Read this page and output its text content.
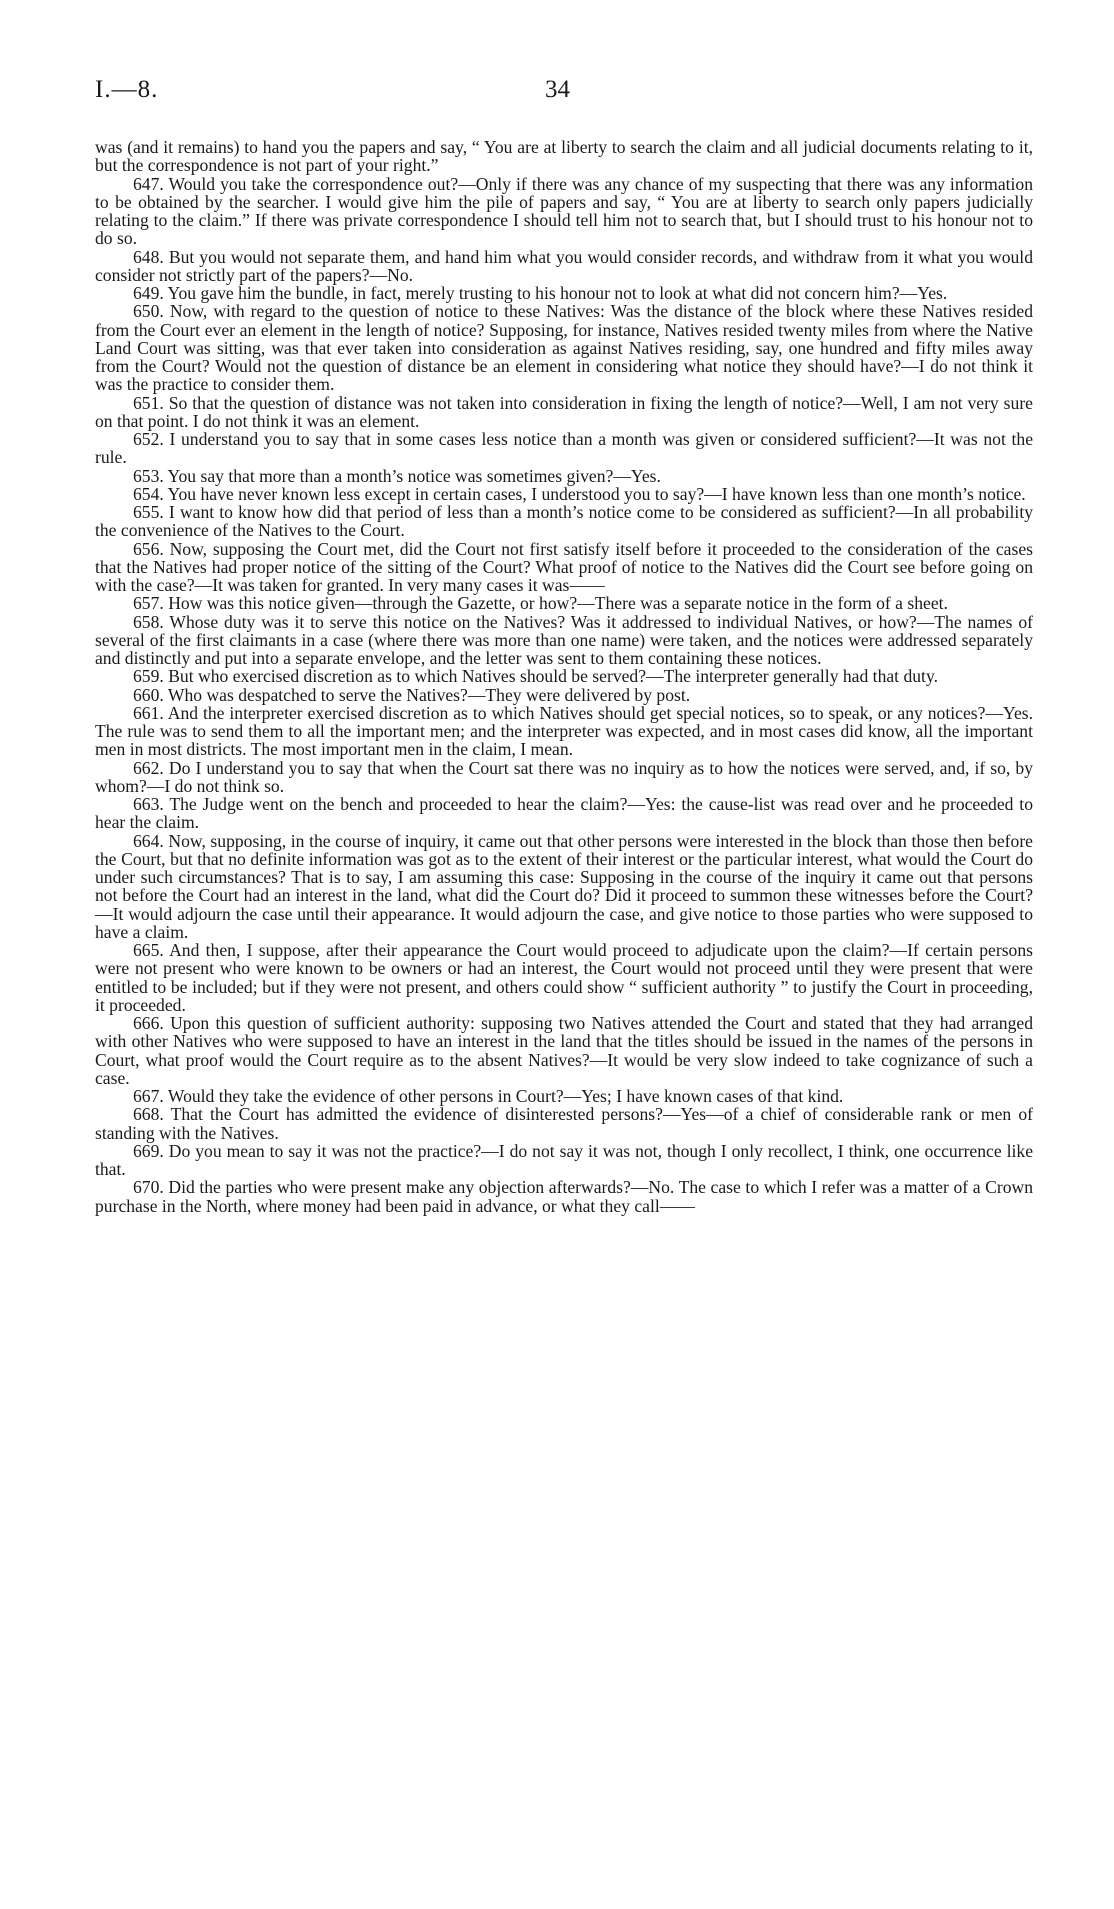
I.—8.	34

was (and it remains) to hand you the papers and say, “ You are at liberty to search the claim and all judicial documents relating to it, but the correspondence is not part of your right.”

647. Would you take the correspondence out?—Only if there was any chance of my suspecting that there was any information to be obtained by the searcher. I would give him the pile of papers and say, “ You are at liberty to search only papers judicially relating to the claim.” If there was private correspondence I should tell him not to search that, but I should trust to his honour not to do so.

648. But you would not separate them, and hand him what you would consider records, and withdraw from it what you would consider not strictly part of the papers?—No.

649. You gave him the bundle, in fact, merely trusting to his honour not to look at what did not concern him?—Yes.

650. Now, with regard to the question of notice to these Natives: Was the distance of the block where these Natives resided from the Court ever an element in the length of notice? Supposing, for instance, Natives resided twenty miles from where the Native Land Court was sitting, was that ever taken into consideration as against Natives residing, say, one hundred and fifty miles away from the Court? Would not the question of distance be an element in considering what notice they should have?—I do not think it was the practice to consider them.

651. So that the question of distance was not taken into consideration in fixing the length of notice?—Well, I am not very sure on that point. I do not think it was an element.

652. I understand you to say that in some cases less notice than a month was given or considered sufficient?—It was not the rule.

653. You say that more than a month’s notice was sometimes given?—Yes.

654. You have never known less except in certain cases, I understood you to say?—I have known less than one month’s notice.

655. I want to know how did that period of less than a month’s notice come to be considered as sufficient?—In all probability the convenience of the Natives to the Court.

656. Now, supposing the Court met, did the Court not first satisfy itself before it proceeded to the consideration of the cases that the Natives had proper notice of the sitting of the Court? What proof of notice to the Natives did the Court see before going on with the case?—It was taken for granted. In very many cases it was——

657. How was this notice given—through the Gazette, or how?—There was a separate notice in the form of a sheet.

658. Whose duty was it to serve this notice on the Natives? Was it addressed to individual Natives, or how?—The names of several of the first claimants in a case (where there was more than one name) were taken, and the notices were addressed separately and distinctly and put into a separate envelope, and the letter was sent to them containing these notices.

659. But who exercised discretion as to which Natives should be served?—The interpreter generally had that duty.

660. Who was despatched to serve the Natives?—They were delivered by post.

661. And the interpreter exercised discretion as to which Natives should get special notices, so to speak, or any notices?—Yes. The rule was to send them to all the important men; and the interpreter was expected, and in most cases did know, all the important men in most districts. The most important men in the claim, I mean.

662. Do I understand you to say that when the Court sat there was no inquiry as to how the notices were served, and, if so, by whom?—I do not think so.

663. The Judge went on the bench and proceeded to hear the claim?—Yes: the cause-list was read over and he proceeded to hear the claim.

664. Now, supposing, in the course of inquiry, it came out that other persons were interested in the block than those then before the Court, but that no definite information was got as to the extent of their interest or the particular interest, what would the Court do under such circumstances? That is to say, I am assuming this case: Supposing in the course of the inquiry it came out that persons not before the Court had an interest in the land, what did the Court do? Did it proceed to summon these witnesses before the Court?—It would adjourn the case until their appearance. It would adjourn the case, and give notice to those parties who were supposed to have a claim.

665. And then, I suppose, after their appearance the Court would proceed to adjudicate upon the claim?—If certain persons were not present who were known to be owners or had an interest, the Court would not proceed until they were present that were entitled to be included; but if they were not present, and others could show “ sufficient authority ” to justify the Court in proceeding, it proceeded.

666. Upon this question of sufficient authority: supposing two Natives attended the Court and stated that they had arranged with other Natives who were supposed to have an interest in the land that the titles should be issued in the names of the persons in Court, what proof would the Court require as to the absent Natives?—It would be very slow indeed to take cognizance of such a case.

667. Would they take the evidence of other persons in Court?—Yes; I have known cases of that kind.

668. That the Court has admitted the evidence of disinterested persons?—Yes—of a chief of considerable rank or men of standing with the Natives.

669. Do you mean to say it was not the practice?—I do not say it was not, though I only recollect, I think, one occurrence like that.

670. Did the parties who were present make any objection afterwards?—No. The case to which I refer was a matter of a Crown purchase in the North, where money had been paid in advance, or what they call——
